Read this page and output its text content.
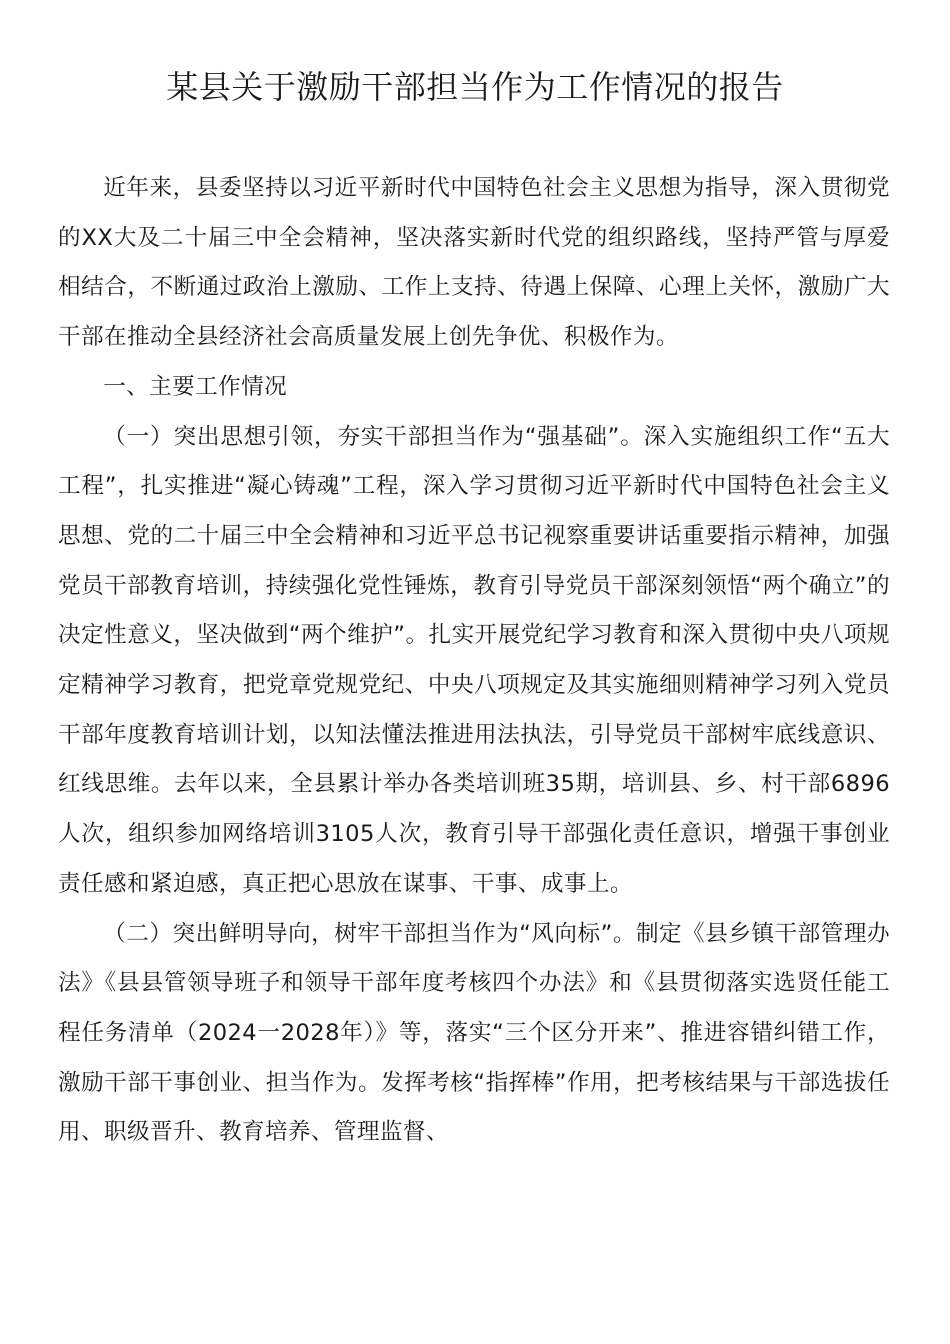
某县关于激励干部担当作为工作情况的报告

近年来，县委坚持以习近平新时代中国特色社会主义思想为指导，深入贯彻党的XX大及二十届三中全会精神，坚决落实新时代党的组织路线，坚持严管与厚爱相结合，不断通过政治上激励、工作上支持、待遇上保障、心理上关怀，激励广大干部在推动全县经济社会高质量发展上创先争优、积极作为。

一、主要工作情况

（一）突出思想引领，夯实干部担当作为“强基础”。深入实施组织工作“五大工程”，扎实推进“凝心铸魂”工程，深入学习贯彻习近平新时代中国特色社会主义思想、党的二十届三中全会精神和习近平总书记视察重要讲话重要指示精神，加强党员干部教育培训，持续强化党性锤炼，教育引导党员干部深刻领悟“两个确立”的决定性意义，坚决做到“两个维护”。扎实开展党纪学习教育和深入贯彻中央八项规定精神学习教育，把党章党规党纪、中央八项规定及其实施细则精神学习列入党员干部年度教育培训计划，以知法懂法推进用法执法，引导党员干部树牢底线意识、红线思维。去年以来，全县累计举办各类培训班35期，培训县、乡、村干部6896人次，组织参加网络培训3105人次，教育引导干部强化责任意识，增强干事创业责任感和紧迫感，真正把心思放在谋事、干事、成事上。

（二）突出鲜明导向，树牢干部担当作为“风向标”。制定《县乡镇干部管理办法》《县县管领导班子和领导干部年度考核四个办法》和《县贯彻落实选贤任能工程任务清单（2024一2028年）》等，落实“三个区分开来”、推进容错纠错工作，激励干部干事创业、担当作为。发挥考核“指挥棒”作用，把考核结果与干部选拔任用、职级晋升、教育培养、管理监督、
